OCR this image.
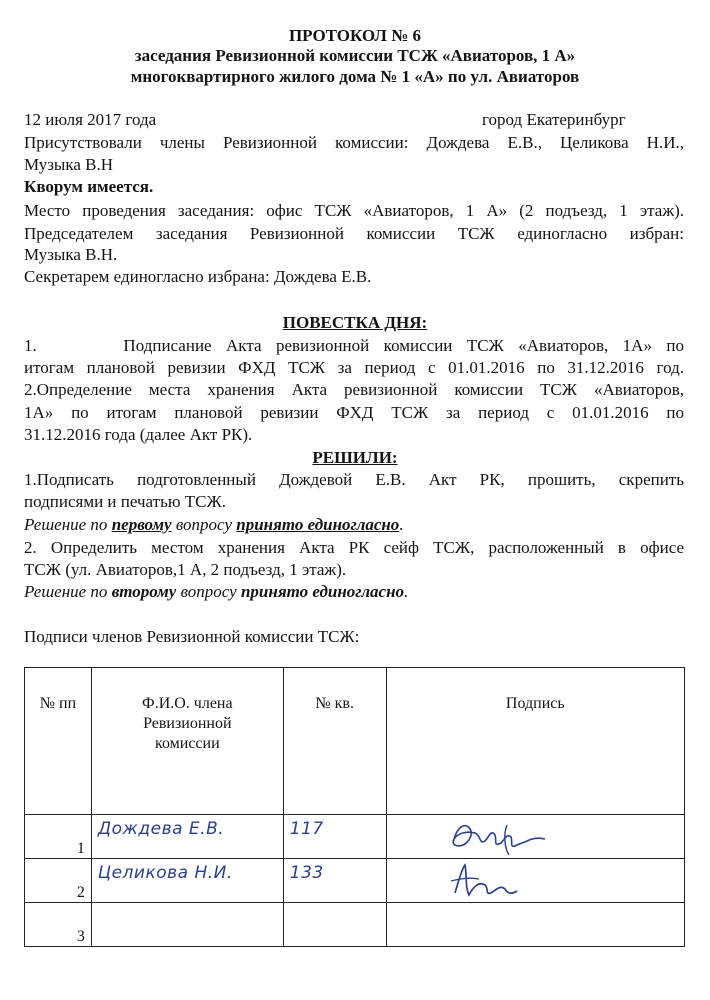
ПРОТОКОЛ № 6
заседания Ревизионной комиссии ТСЖ «Авиаторов, 1 А»
многоквартирного жилого дома № 1 «А» по ул. Авиаторов
12 июля 2017 года	город Екатеринбург
Присутствовали члены Ревизионной комиссии: Дождева Е.В., Целикова Н.И.,
Музыка В.Н
Кворум имеется.
Место проведения заседания: офис ТСЖ «Авиаторов, 1 А» (2 подъезд, 1 этаж).
Председателем заседания Ревизионной комиссии ТСЖ единогласно избран:
Музыка В.Н.
Секретарем единогласно избрана: Дождева Е.В.
ПОВЕСТКА ДНЯ:
1.      Подписание Акта ревизионной комиссии ТСЖ «Авиаторов, 1А» по
итогам плановой ревизии ФХД ТСЖ за период с 01.01.2016 по 31.12.2016 год.
2.Определение места хранения Акта ревизионной комиссии ТСЖ «Авиаторов,
1А» по итогам плановой ревизии ФХД ТСЖ за период с 01.01.2016 по
31.12.2016 года (далее Акт РК).
РЕШИЛИ:
1.Подписать подготовленный Дождевой Е.В. Акт РК, прошить, скрепить
подписями и печатью ТСЖ.
Решение по первому вопросу принято единогласно.
2. Определить местом хранения Акта РК сейф ТСЖ, расположенный в офисе
ТСЖ (ул. Авиаторов,1 А, 2 подъезд, 1 этаж).
Решение по второму вопросу принято единогласно.
Подписи членов Ревизионной комиссии ТСЖ:
№ пп	Ф.И.О. члена Ревизионной комиссии	№ кв.	Подпись
1	Дождева Е.В.	117

2	Целикова Н.И.	133

3			
